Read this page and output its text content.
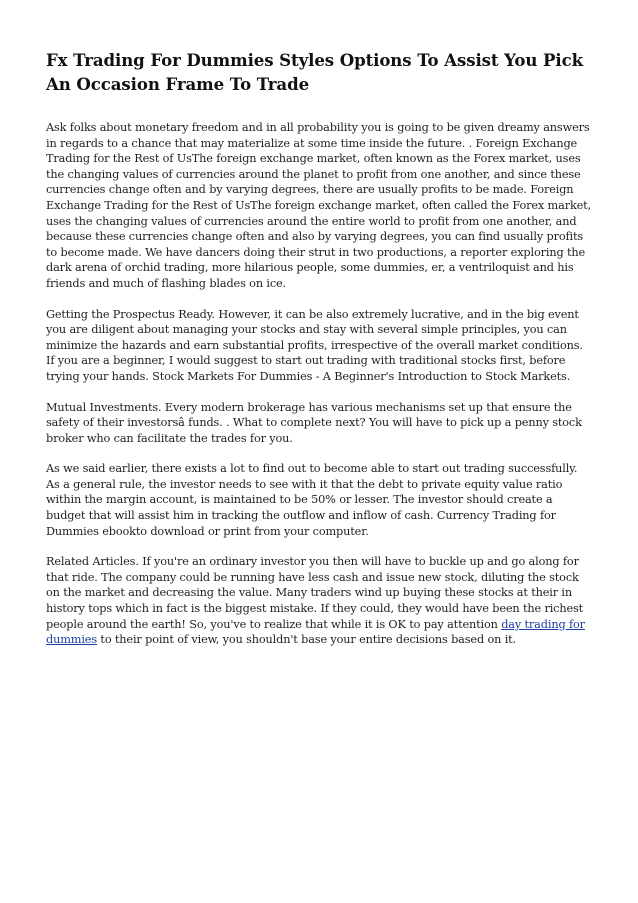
Fx Trading For Dummies Styles Options To Assist You Pick An Occasion Frame To Trade

Ask folks about monetary freedom and in all probability you is going to be given dreamy answers in regards to a chance that may materialize at some time inside the future. . Foreign Exchange Trading for the Rest of UsThe foreign exchange market, often known as the Forex market, uses the changing values of currencies around the planet to profit from one another, and since these currencies change often and by varying degrees, there are usually profits to be made. Foreign Exchange Trading for the Rest of UsThe foreign exchange market, often called the Forex market, uses the changing values of currencies around the entire world to profit from one another, and because these currencies change often and also by varying degrees, you can find usually profits to become made. We have dancers doing their strut in two productions, a reporter exploring the dark arena of orchid trading, more hilarious people, some dummies, er, a ventriloquist and his friends and much of flashing blades on ice.

Getting the Prospectus Ready. However, it can be also extremely lucrative, and in the big event you are diligent about managing your stocks and stay with several simple principles, you can minimize the hazards and earn substantial profits, irrespective of the overall market conditions. If you are a beginner, I would suggest to start out trading with traditional stocks first, before trying your hands. Stock Markets For Dummies - A Beginner's Introduction to Stock Markets.

Mutual Investments. Every modern brokerage has various mechanisms set up that ensure the safety of their investorsâ funds. . What to complete next? You will have to pick up a penny stock broker who can facilitate the trades for you.

As we said earlier, there exists a lot to find out to become able to start out trading successfully. As a general rule, the investor needs to see with it that the debt to private equity value ratio within the margin account, is maintained to be 50% or lesser. The investor should create a budget that will assist him in tracking the outflow and inflow of cash. Currency Trading for Dummies ebookto download or print from your computer.

Related Articles. If you're an ordinary investor you then will have to buckle up and go along for that ride. The company could be running have less cash and issue new stock, diluting the stock on the market and decreasing the value. Many traders wind up buying these stocks at their in history tops which in fact is the biggest mistake. If they could, they would have been the richest people around the earth! So, you've to realize that while it is OK to pay attention day trading for dummies to their point of view, you shouldn't base your entire decisions based on it.
